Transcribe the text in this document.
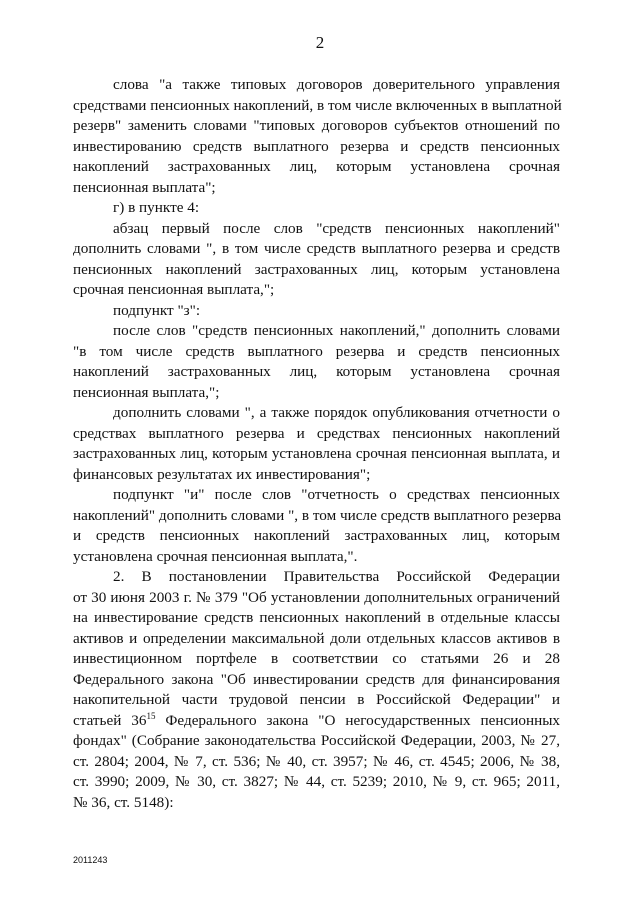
2
слова "а также типовых договоров доверительного управления
средствами пенсионных накоплений, в том числе включенных в выплатной
резерв" заменить словами "типовых договоров субъектов отношений по
инвестированию средств выплатного резерва и средств пенсионных
накоплений застрахованных лиц, которым установлена срочная
пенсионная выплата";
г) в пункте 4:
абзац первый после слов "средств пенсионных накоплений"
дополнить словами ", в том числе средств выплатного резерва и средств
пенсионных накоплений застрахованных лиц, которым установлена
срочная пенсионная выплата,";
подпункт "з":
после слов "средств пенсионных накоплений," дополнить словами
"в том числе средств выплатного резерва и средств пенсионных
накоплений застрахованных лиц, которым установлена срочная
пенсионная выплата,";
дополнить словами ", а также порядок опубликования отчетности о
средствах выплатного резерва и средствах пенсионных накоплений
застрахованных лиц, которым установлена срочная пенсионная выплата, и
финансовых результатах их инвестирования";
подпункт "и" после слов "отчетность о средствах пенсионных
накоплений" дополнить словами ", в том числе средств выплатного резерва
и средств пенсионных накоплений застрахованных лиц, которым
установлена срочная пенсионная выплата,".
2. В постановлении Правительства Российской Федерации
от 30 июня 2003 г. № 379 "Об установлении дополнительных ограничений
на инвестирование средств пенсионных накоплений в отдельные классы
активов и определении максимальной доли отдельных классов активов в
инвестиционном портфеле в соответствии со статьями 26 и 28
Федерального закона "Об инвестировании средств для финансирования
накопительной части трудовой пенсии в Российской Федерации" и
статьей $36^{15}$ Федерального закона "О негосударственных пенсионных
фондах" (Собрание законодательства Российской Федерации, 2003, № 27,
ст. 2804; 2004, № 7, ст. 536; № 40, ст. 3957; № 46, ст. 4545; 2006, № 38,
ст. 3990; 2009, № 30, ст. 3827; № 44, ст. 5239; 2010, № 9, ст. 965; 2011,
№ 36, ст. 5148):
2011243
